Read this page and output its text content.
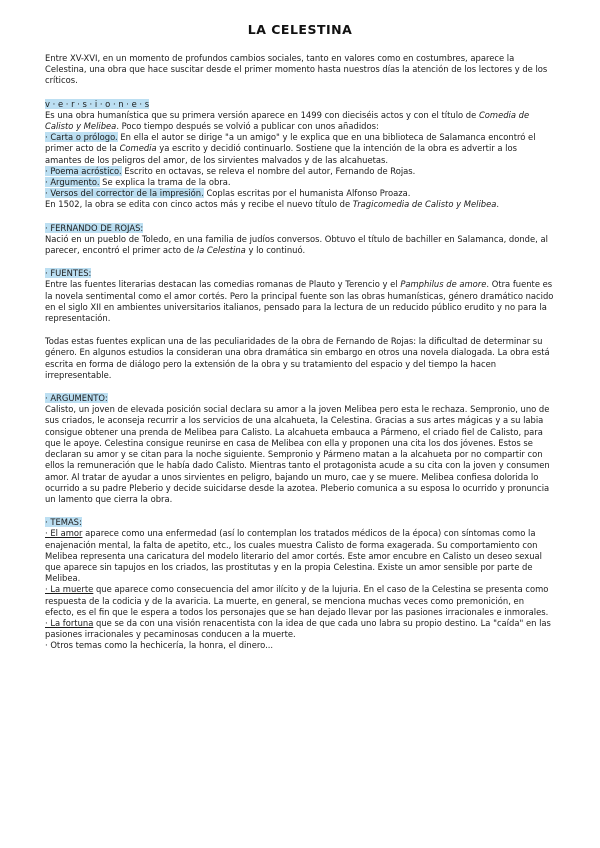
LA CELESTINA

Entre XV-XVI, en un momento de profundos cambios sociales, tanto en valores como en costumbres, aparece la Celestina, una obra que hace suscitar desde el primer momento hasta nuestros días la atención de los lectores y de los críticos.

v · e · r · s · i · o · n · e · s

Es una obra humanística que su primera versión aparece en 1499 con dieciséis actos y con el título de Comedia de Calisto y Melibea. Poco tiempo después se volvió a publicar con unos añadidos:

· Carta o prólogo. En ella el autor se dirige "a un amigo" y le explica que en una biblioteca de Salamanca encontró el primer acto de la Comedia ya escrito y decidió continuarlo. Sostiene que la intención de la obra es advertir a los amantes de los peligros del amor, de los sirvientes malvados y de las alcahuetas.

· Poema acróstico. Escrito en octavas, se releva el nombre del autor, Fernando de Rojas.

· Argumento. Se explica la trama de la obra.

· Versos del corrector de la impresión. Coplas escritas por el humanista Alfonso Proaza.

En 1502, la obra se edita con cinco actos más y recibe el nuevo título de Tragicomedia de Calisto y Melibea.

· FERNANDO DE ROJAS:

Nació en un pueblo de Toledo, en una familia de judíos conversos. Obtuvo el título de bachiller en Salamanca, donde, al parecer, encontró el primer acto de la Celestina y lo continuó.

· FUENTES:

Entre las fuentes literarias destacan las comedias romanas de Plauto y Terencio y el Pamphilus de amore. Otra fuente es la novela sentimental como el amor cortés. Pero la principal fuente son las obras humanísticas, género dramático nacido en el siglo XII en ambientes universitarios italianos, pensado para la lectura de un reducido público erudito y no para la representación.

Todas estas fuentes explican una de las peculiaridades de la obra de Fernando de Rojas: la dificultad de determinar su género. En algunos estudios la consideran una obra dramática sin embargo en otros una novela dialogada. La obra está escrita en forma de diálogo pero la extensión de la obra y su tratamiento del espacio y del tiempo la hacen irrepresentable.

· ARGUMENTO:

Calisto, un joven de elevada posición social declara su amor a la joven Melibea pero esta le rechaza. Sempronio, uno de sus criados, le aconseja recurrir a los servicios de una alcahueta, la Celestina. Gracias a sus artes mágicas y a su labia consigue obtener una prenda de Melibea para Calisto. La alcahueta embauca a Pármeno, el criado fiel de Calisto, para que le apoye. Celestina consigue reunirse en casa de Melibea con ella y proponen una cita los dos jóvenes. Estos se declaran su amor y se citan para la noche siguiente. Sempronio y Pármeno matan a la alcahueta por no compartir con ellos la remuneración que le había dado Calisto. Mientras tanto el protagonista acude a su cita con la joven y consumen amor. Al tratar de ayudar a unos sirvientes en peligro, bajando un muro, cae y se muere. Melibea confiesa dolorida lo ocurrido a su padre Pleberio y decide suicidarse desde la azotea. Pleberio comunica a su esposa lo ocurrido y pronuncia un lamento que cierra la obra.

· TEMAS:

· El amor aparece como una enfermedad (así lo contemplan los tratados médicos de la época) con síntomas como la enajenación mental, la falta de apetito, etc., los cuales muestra Calisto de forma exagerada. Su comportamiento con Melibea representa una caricatura del modelo literario del amor cortés. Este amor encubre en Calisto un deseo sexual que aparece sin tapujos en los criados, las prostitutas y en la propia Celestina. Existe un amor sensible por parte de Melibea.

· La muerte que aparece como consecuencia del amor ilícito y de la lujuria. En el caso de la Celestina se presenta como respuesta de la codicia y de la avaricia. La muerte, en general, se menciona muchas veces como premonición, en efecto, es el fin que le espera a todos los personajes que se han dejado llevar por las pasiones irracionales e inmorales.

· La fortuna que se da con una visión renacentista con la idea de que cada uno labra su propio destino. La "caída" en las pasiones irracionales y pecaminosas conducen a la muerte.

· Otros temas como la hechicería, la honra, el dinero...
